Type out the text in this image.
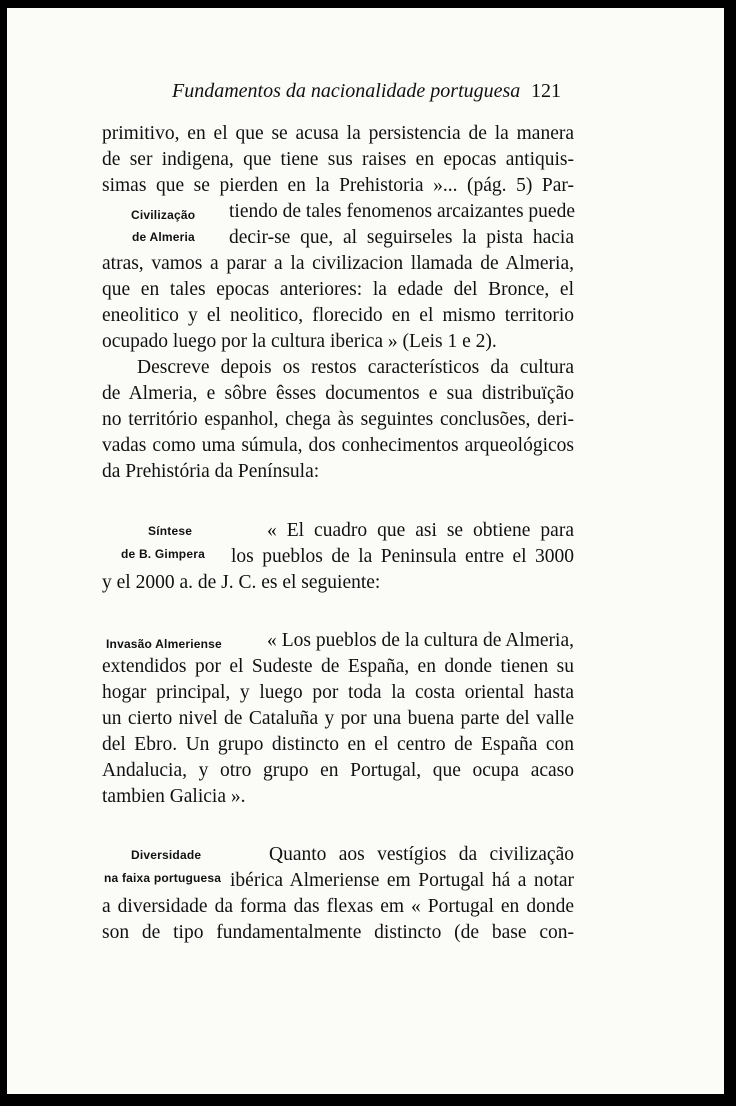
Fundamentos da nacionalidade portuguesa 121
primitivo, en el que se acusa la persistencia de la manera
de ser indigena, que tiene sus raises en epocas antiquis-
simas que se pierden en la Prehistoria »... (pág. 5) Par-
Civilização
de Almeria
tiendo de tales fenomenos arcaizantes puede
decir-se que, al seguirseles la pista hacia
atras, vamos a parar a la civilizacion llamada de Almeria,
que en tales epocas anteriores: la edade del Bronce, el
eneolitico y el neolitico, florecido en el mismo territorio
ocupado luego por la cultura iberica » (Leis 1 e 2).
Descreve depois os restos característicos da cultura
de Almeria, e sôbre êsses documentos e sua distribuïção
no território espanhol, chega às seguintes conclusões, deri-
vadas como uma súmula, dos conhecimentos arqueológicos
da Prehistória da Península:
Síntese
de B. Gimpera
« El cuadro que asi se obtiene para
los pueblos de la Peninsula entre el 3000
y el 2000 a. de J. C. es el seguiente:
Invasão Almeriense « Los pueblos de la cultura de Almeria,
extendidos por el Sudeste de España, en donde tienen su
hogar principal, y luego por toda la costa oriental hasta
un cierto nivel de Cataluña y por una buena parte del valle
del Ebro. Un grupo distincto en el centro de España con
Andalucia, y otro grupo en Portugal, que ocupa acaso
tambien Galicia ».
Diversidade
na faixa portuguesa
Quanto aos vestígios da civilização
ibérica Almeriense em Portugal há a notar
a diversidade da forma das flexas em « Portugal en donde
son de tipo fundamentalmente distincto (de base con-
